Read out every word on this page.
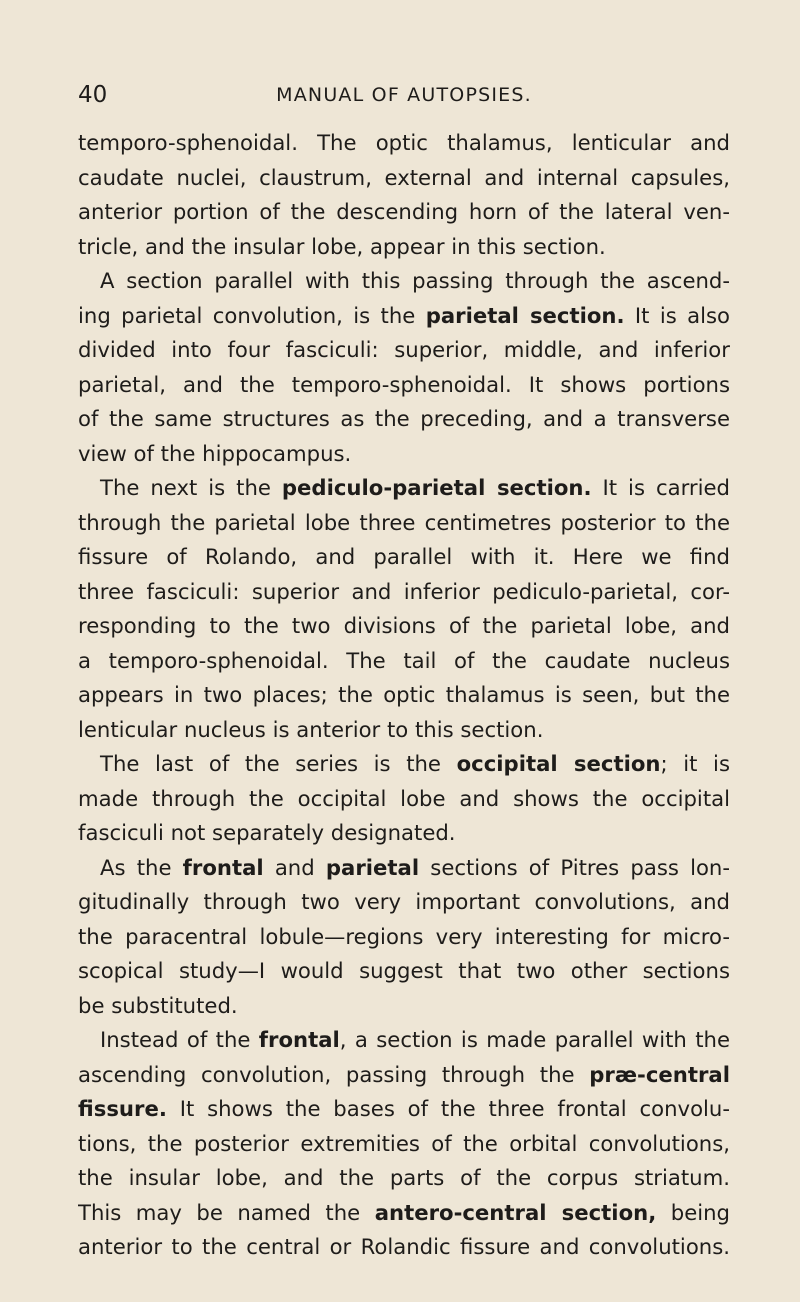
40	MANUAL OF AUTOPSIES.
temporo-sphenoidal. The optic thalamus, lenticular and
caudate nuclei, claustrum, external and internal capsules,
anterior portion of the descending horn of the lateral ven-
tricle, and the insular lobe, appear in this section.
A section parallel with this passing through the ascend-
ing parietal convolution, is the parietal section. It is also
divided into four fasciculi: superior, middle, and inferior
parietal, and the temporo-sphenoidal. It shows portions
of the same structures as the preceding, and a transverse
view of the hippocampus.
The next is the pediculo-parietal section. It is carried
through the parietal lobe three centimetres posterior to the
fissure of Rolando, and parallel with it. Here we find
three fasciculi: superior and inferior pediculo-parietal, cor-
responding to the two divisions of the parietal lobe, and
a temporo-sphenoidal. The tail of the caudate nucleus
appears in two places; the optic thalamus is seen, but the
lenticular nucleus is anterior to this section.
The last of the series is the occipital section; it is
made through the occipital lobe and shows the occipital
fasciculi not separately designated.
As the frontal and parietal sections of Pitres pass lon-
gitudinally through two very important convolutions, and
the paracentral lobule—regions very interesting for micro-
scopical study—I would suggest that two other sections
be substituted.
Instead of the frontal, a section is made parallel with the
ascending convolution, passing through the præ-central
fissure. It shows the bases of the three frontal convolu-
tions, the posterior extremities of the orbital convolutions,
the insular lobe, and the parts of the corpus striatum.
This may be named the antero-central section, being
anterior to the central or Rolandic fissure and convolutions.
